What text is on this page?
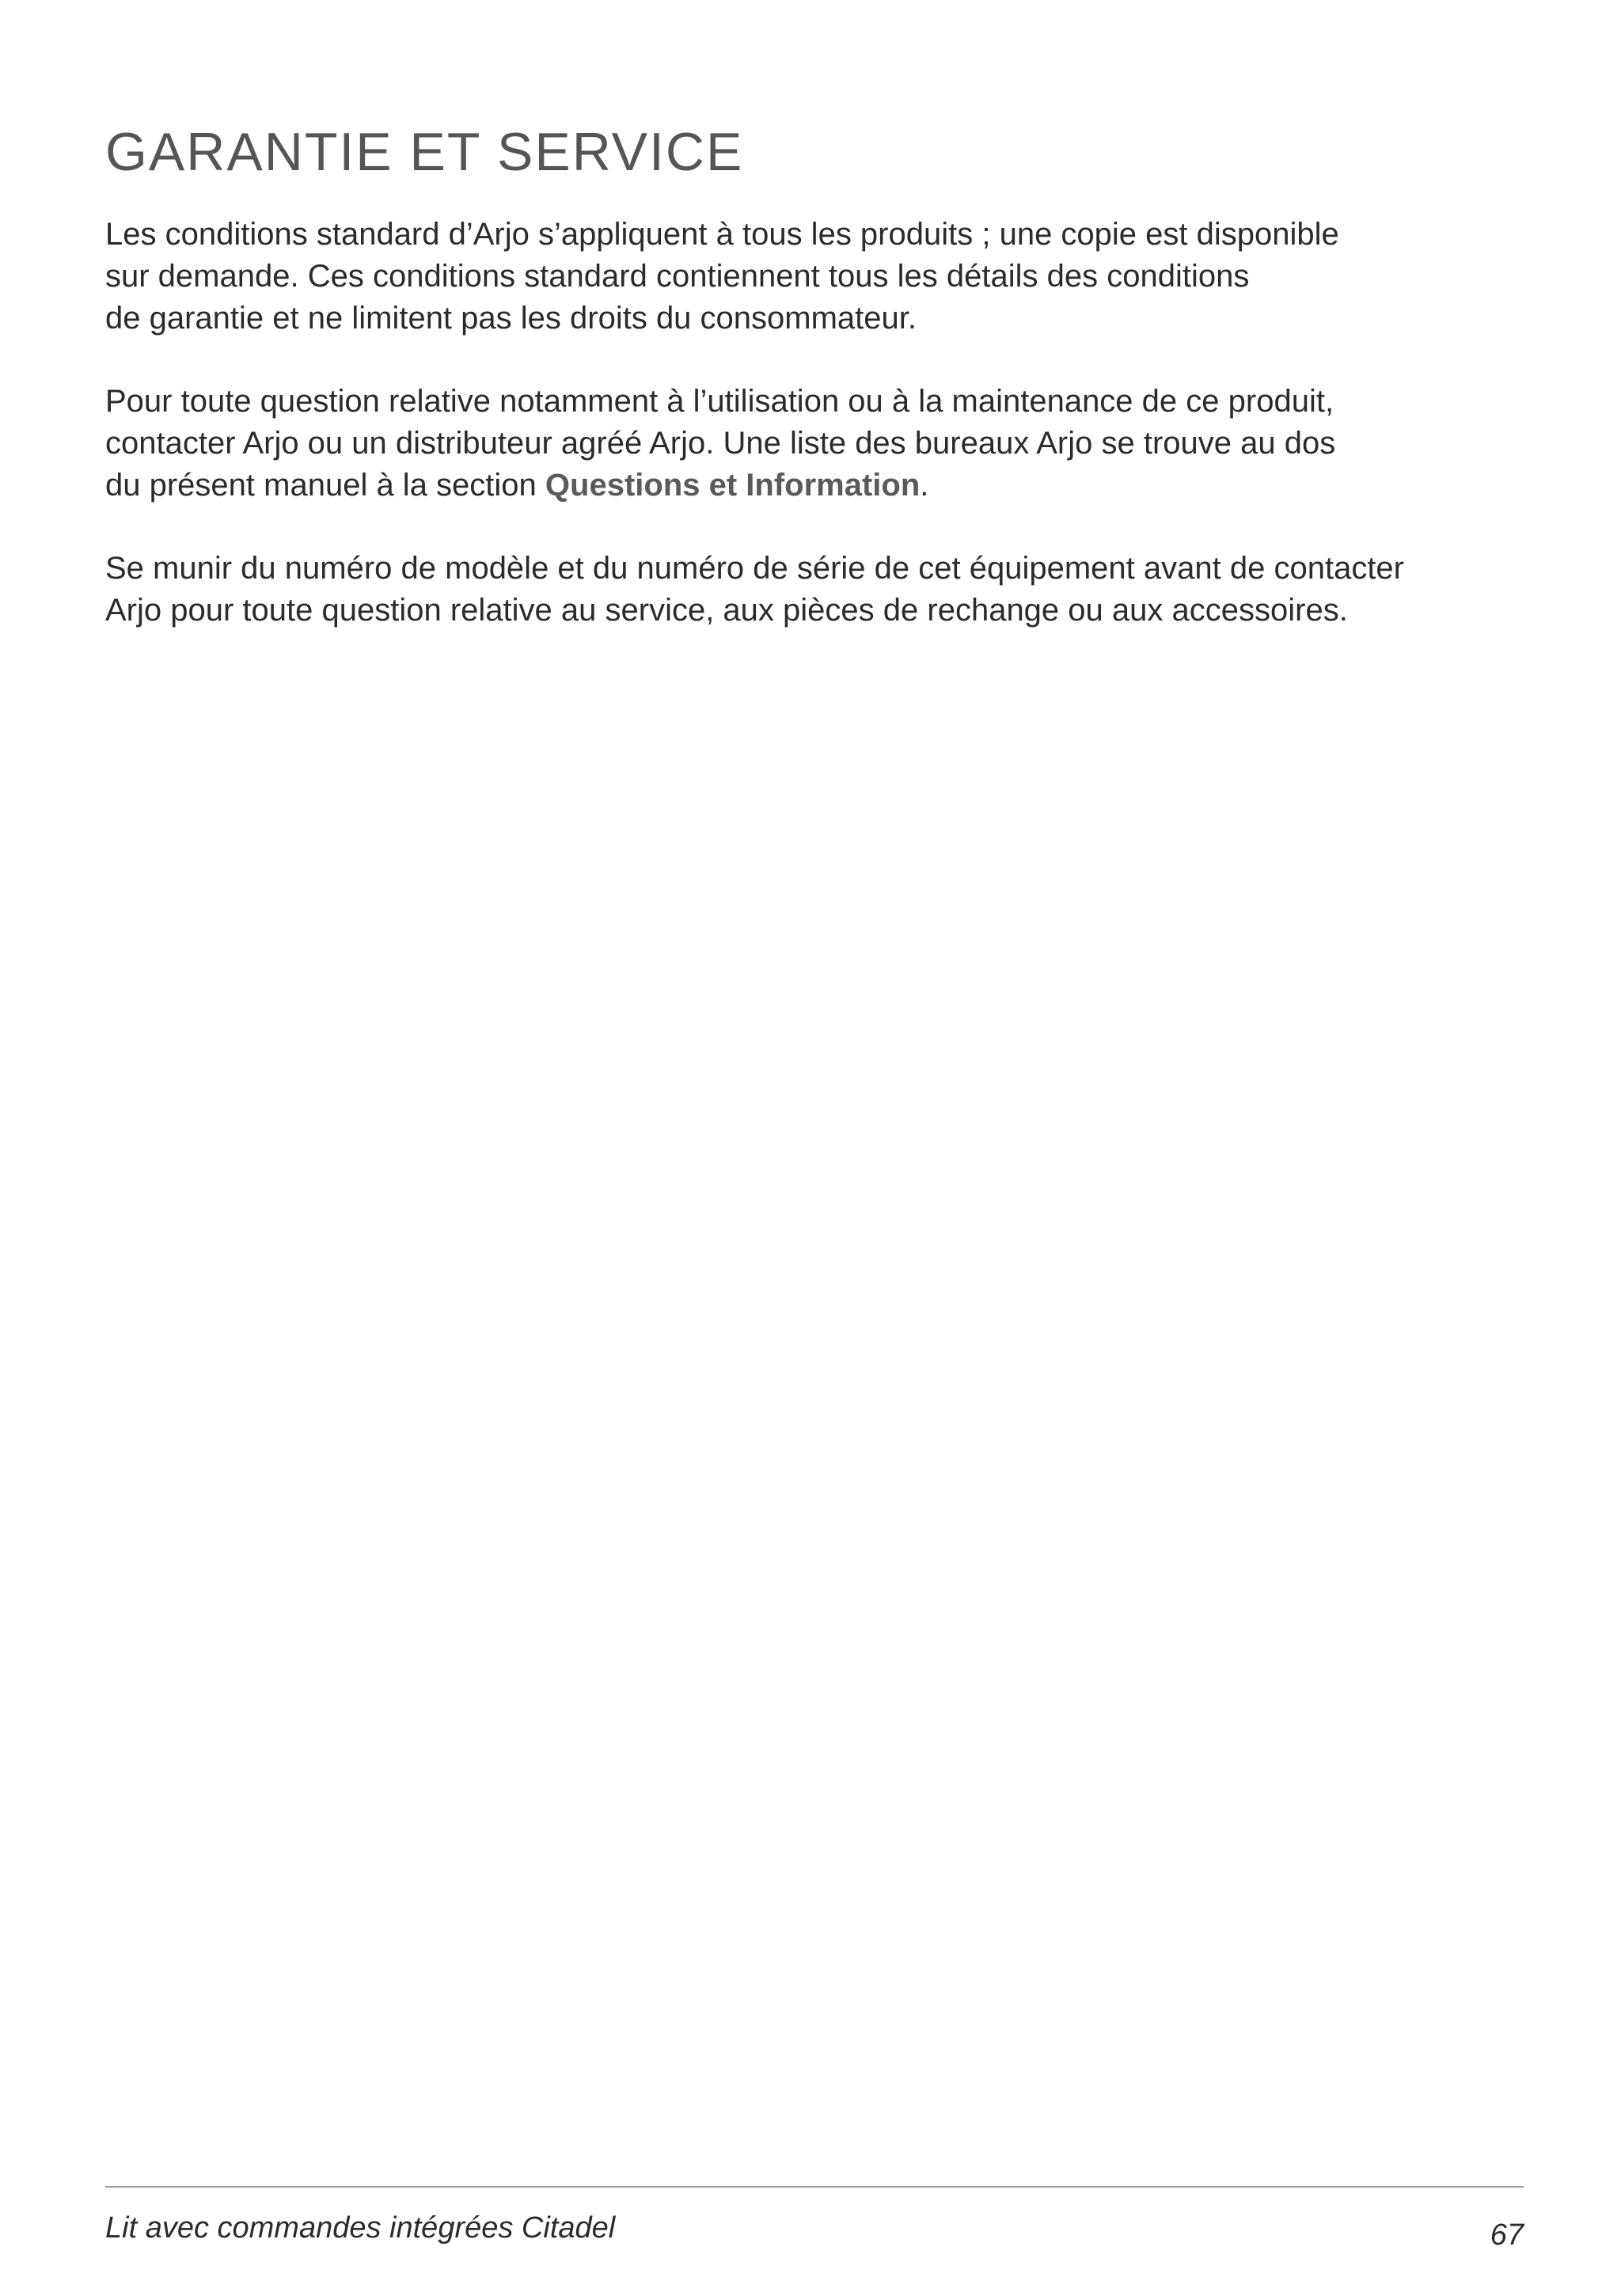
GARANTIE ET SERVICE
Les conditions standard d’Arjo s’appliquent à tous les produits ; une copie est disponible
sur demande. Ces conditions standard contiennent tous les détails des conditions
de garantie et ne limitent pas les droits du consommateur.
Pour toute question relative notamment à l’utilisation ou à la maintenance de ce produit,
contacter Arjo ou un distributeur agréé Arjo. Une liste des bureaux Arjo se trouve au dos
du présent manuel à la section Questions et Information.
Se munir du numéro de modèle et du numéro de série de cet équipement avant de contacter
Arjo pour toute question relative au service, aux pièces de rechange ou aux accessoires.
Lit avec commandes intégrées Citadel	67
